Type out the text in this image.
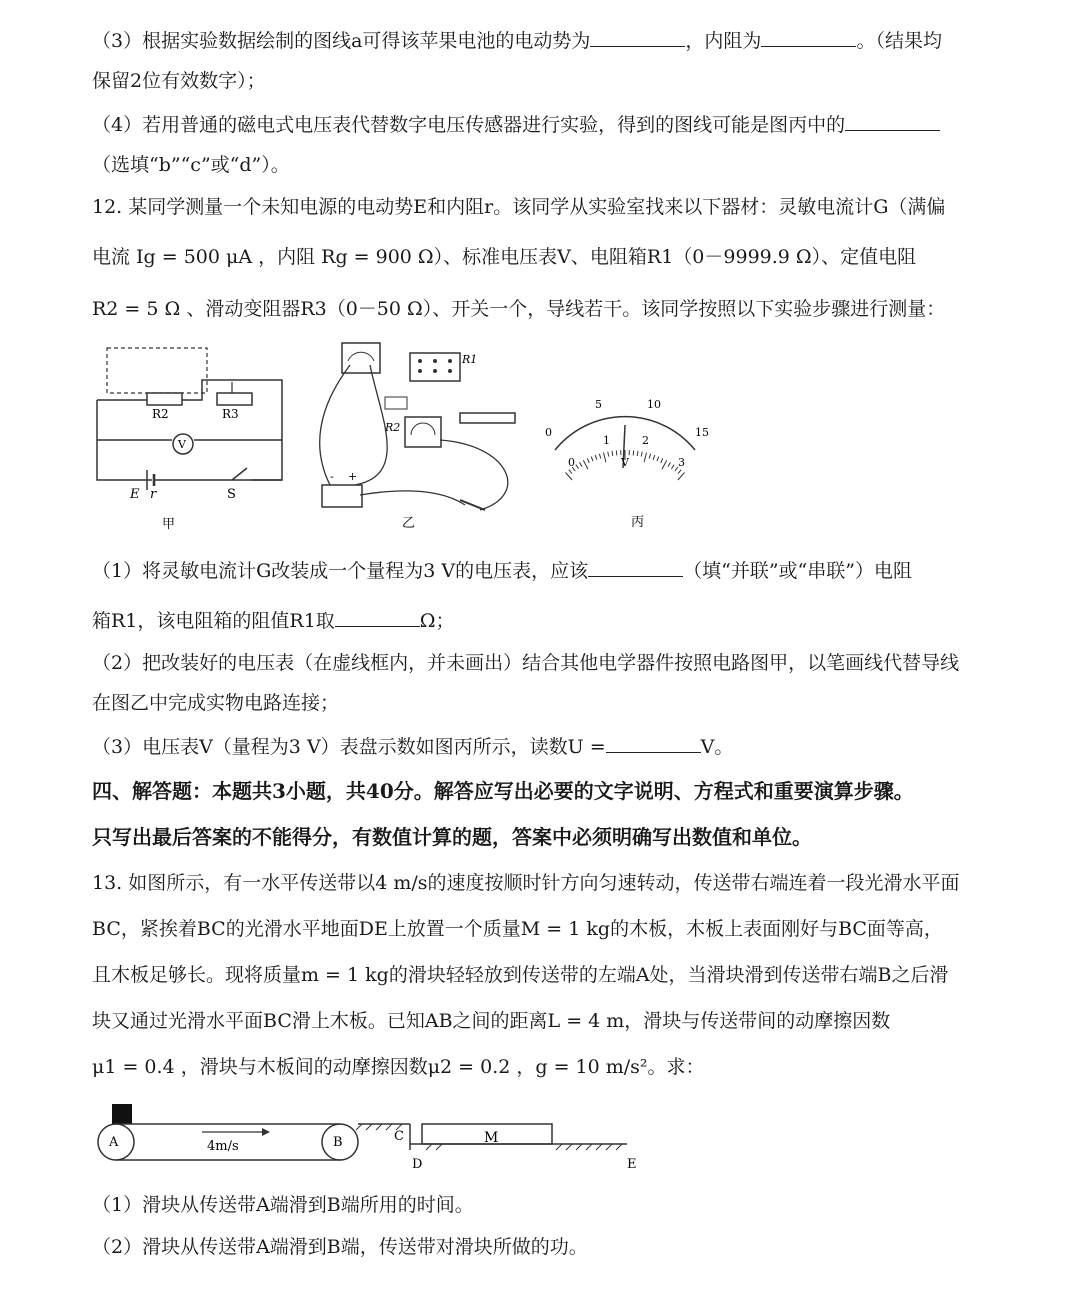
（3）根据实验数据绘制的图线a可得该苹果电池的电动势为	，内阻为	。（结果均
保留2位有效数字）；
（4）若用普通的磁电式电压表代替数字电压传感器进行实验，得到的图线可能是图丙中的
（选填“b”“c”或“d”）。
12. 某同学测量一个未知电源的电动势E和内阻r。该同学从实验室找来以下器材：灵敏电流计G（满偏
电流 Ig = 500 μA ，内阻 Rg = 900 Ω）、标准电压表V、电阻箱R1（0－9999.9 Ω）、定值电阻
R2 = 5 Ω 、滑动变阻器R3（0－50 Ω）、开关一个，导线若干。该同学按照以下实验步骤进行测量：
R2	R3
V
E r	S
甲
R1
R2
- +
乙
0
5	10
15
0
1	2
3
V
丙
（1）将灵敏电流计G改装成一个量程为3 V的电压表，应该	（填“并联”或“串联”）电阻
箱R1，该电阻箱的阻值R1取	Ω；
（2）把改装好的电压表（在虚线框内，并未画出）结合其他电学器件按照电路图甲，以笔画线代替导线
在图乙中完成实物电路连接；
（3）电压表V（量程为3 V）表盘示数如图丙所示，读数U =	V。
四、解答题：本题共3小题，共40分。解答应写出必要的文字说明、方程式和重要演算步骤。
只写出最后答案的不能得分，有数值计算的题，答案中必须明确写出数值和单位。
13. 如图所示，有一水平传送带以4 m/s的速度按顺时针方向匀速转动，传送带右端连着一段光滑水平面
BC，紧挨着BC的光滑水平地面DE上放置一个质量M = 1 kg的木板，木板上表面刚好与BC面等高，
且木板足够长。现将质量m = 1 kg的滑块轻轻放到传送带的左端A处，当滑块滑到传送带右端B之后滑
块又通过光滑水平面BC滑上木板。已知AB之间的距离L = 4 m，滑块与传送带间的动摩擦因数
μ1 = 0.4 ，滑块与木板间的动摩擦因数μ2 = 0.2 ，g = 10 m/s²。求：
A	B	C
D	E
M
4m/s
（1）滑块从传送带A端滑到B端所用的时间。
（2）滑块从传送带A端滑到B端，传送带对滑块所做的功。
